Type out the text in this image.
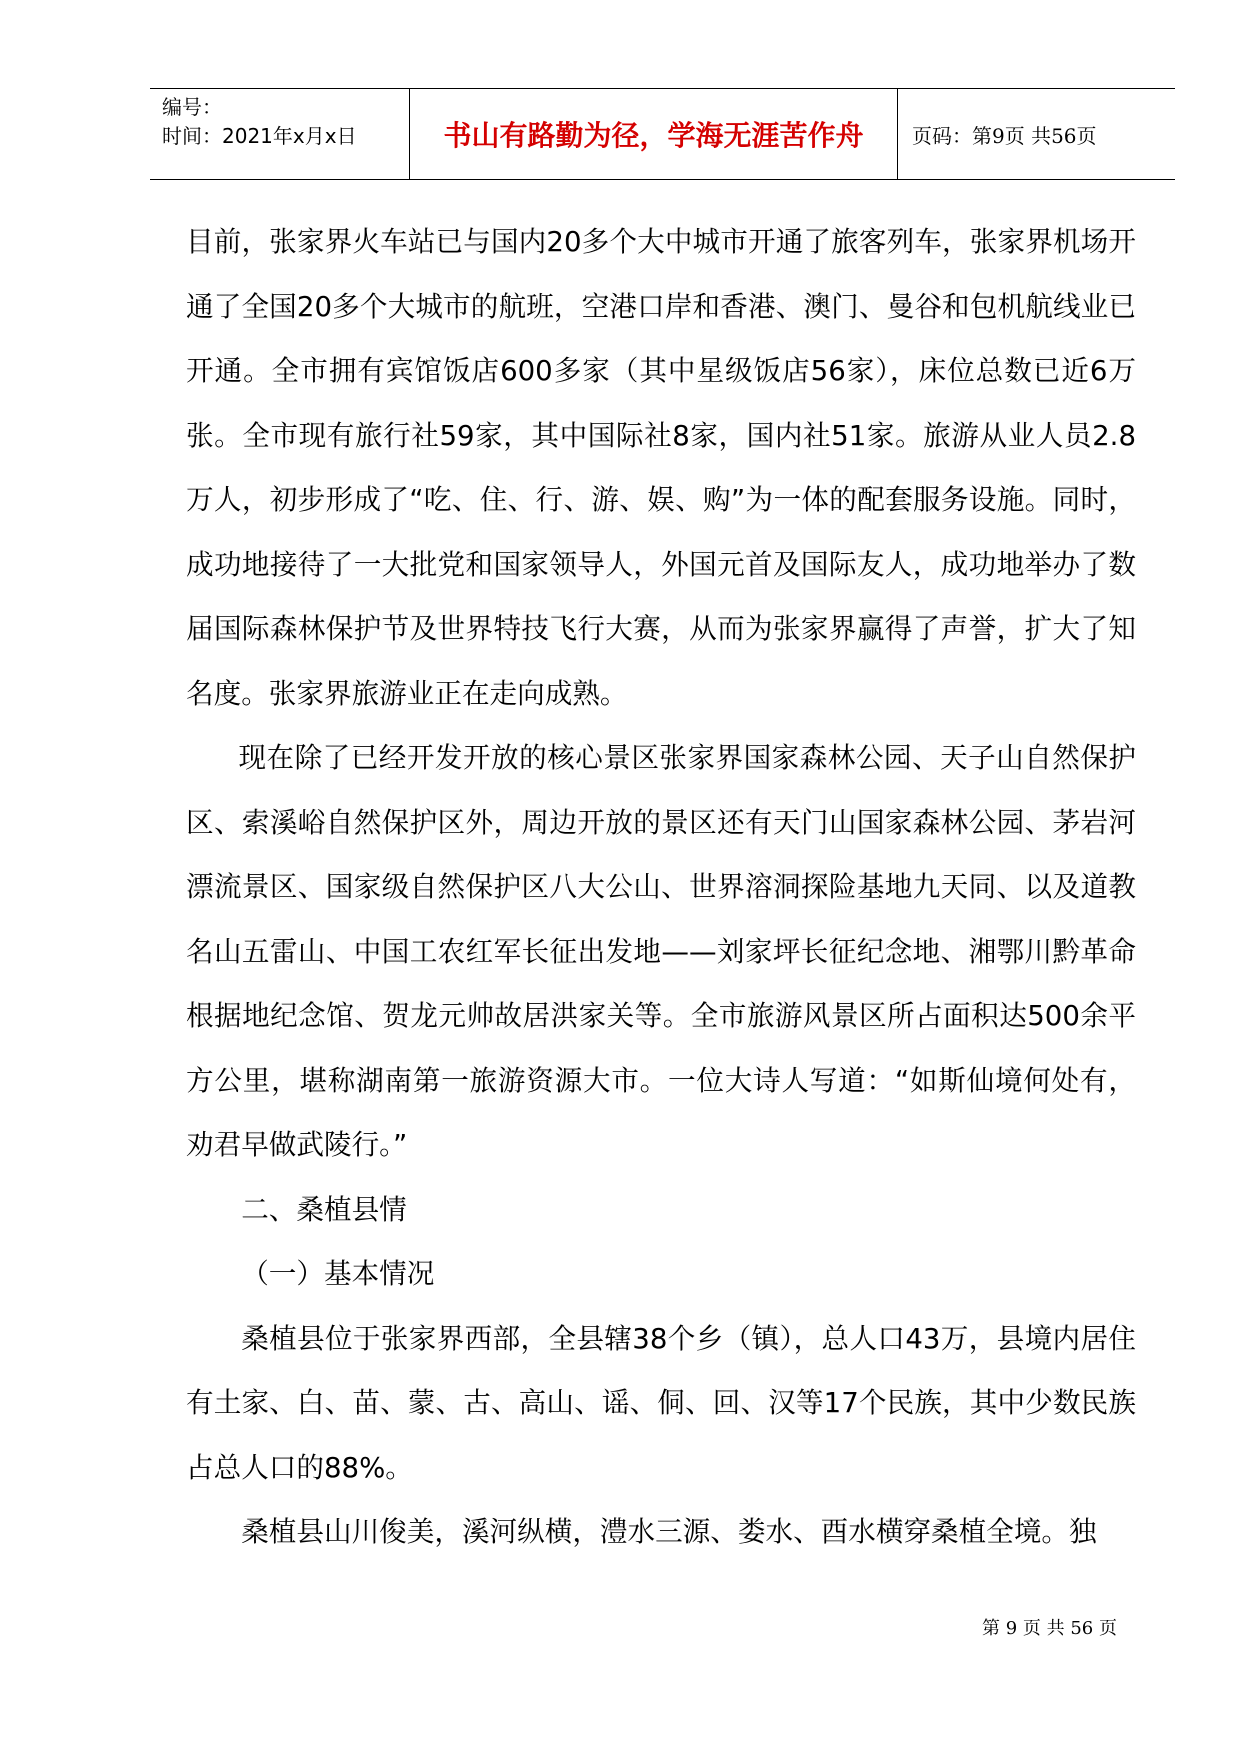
编号：
时间：2021年x月x日	书山有路勤为径，学海无涯苦作舟	页码：第9页 共56页

目前，张家界火车站已与国内20多个大中城市开通了旅客列车，张家界机场开通了全国20多个大城市的航班，空港口岸和香港、澳门、曼谷和包机航线业已开通。全市拥有宾馆饭店600多家（其中星级饭店56家），床位总数已近6万张。全市现有旅行社59家，其中国际社8家，国内社51家。旅游从业人员2.8万人，初步形成了“吃、住、行、游、娱、购”为一体的配套服务设施。同时，成功地接待了一大批党和国家领导人，外国元首及国际友人，成功地举办了数届国际森林保护节及世界特技飞行大赛，从而为张家界赢得了声誉，扩大了知名度。张家界旅游业正在走向成熟。

现在除了已经开发开放的核心景区张家界国家森林公园、天子山自然保护区、索溪峪自然保护区外，周边开放的景区还有天门山国家森林公园、茅岩河漂流景区、国家级自然保护区八大公山、世界溶洞探险基地九天同、以及道教名山五雷山、中国工农红军长征出发地——刘家坪长征纪念地、湘鄂川黔革命根据地纪念馆、贺龙元帅故居洪家关等。全市旅游风景区所占面积达500余平方公里，堪称湖南第一旅游资源大市。一位大诗人写道：“如斯仙境何处有，劝君早做武陵行。”

二、桑植县情

（一）基本情况

桑植县位于张家界西部，全县辖38个乡（镇），总人口43万，县境内居住有土家、白、苗、蒙、古、高山、谣、侗、回、汉等17个民族，其中少数民族占总人口的88%。

桑植县山川俊美，溪河纵横，澧水三源、娄水、酉水横穿桑植全境。独

第 9 页 共 56 页
